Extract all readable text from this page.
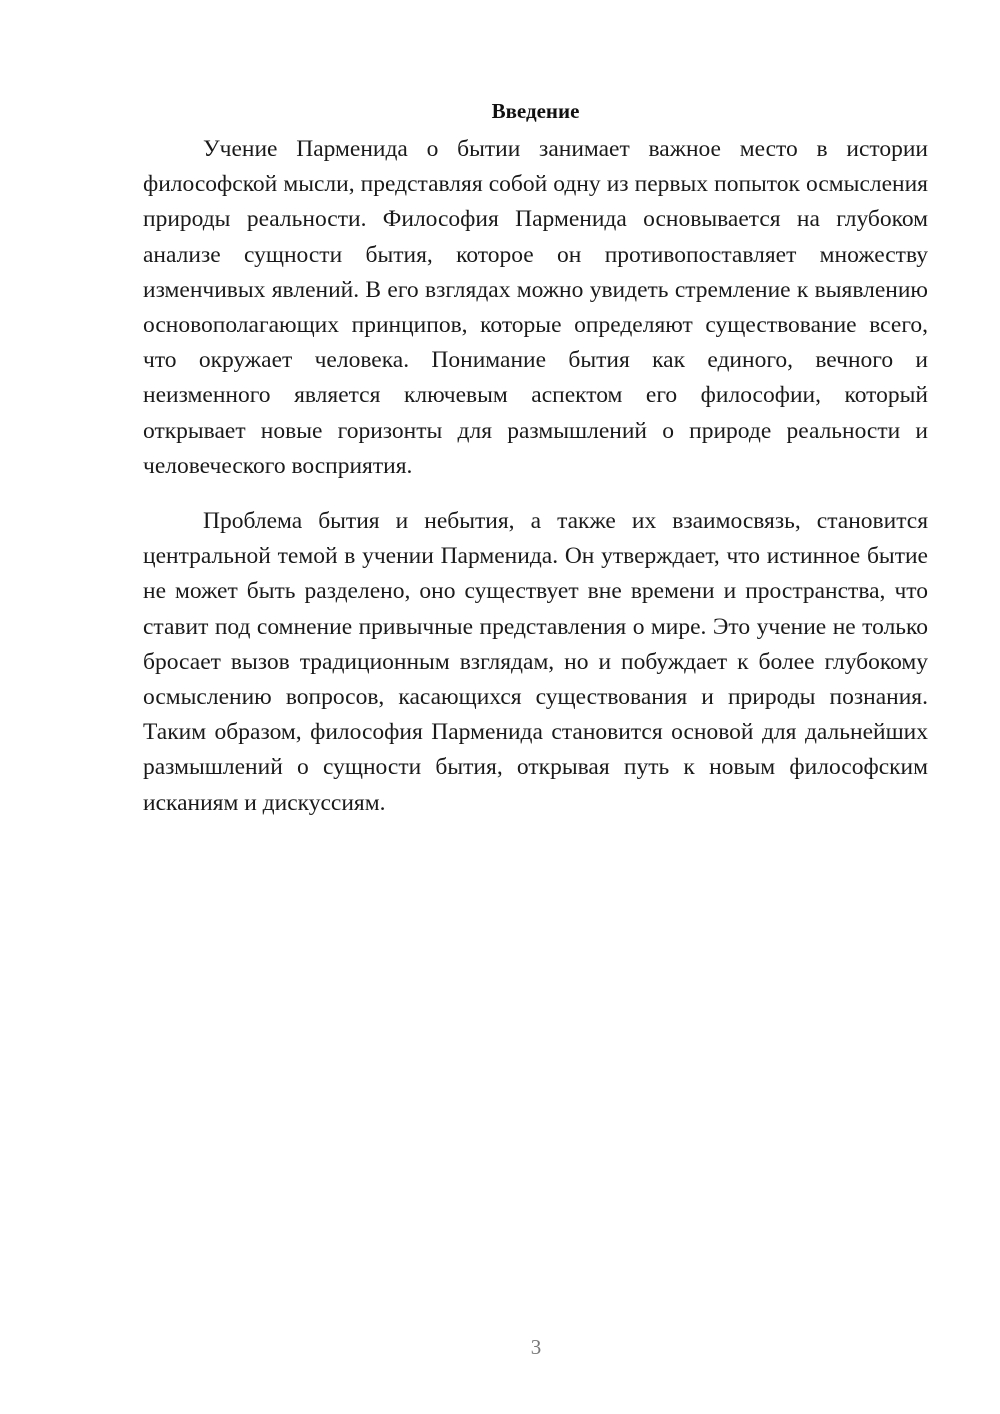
Введение

Учение Парменида о бытии занимает важное место в истории философской мысли, представляя собой одну из первых попыток осмысления природы реальности. Философия Парменида основывается на глубоком анализе сущности бытия, которое он противопоставляет множеству изменчивых явлений. В его взглядах можно увидеть стремление к выявлению основополагающих принципов, которые определяют существование всего, что окружает человека. Понимание бытия как единого, вечного и неизменного является ключевым аспектом его философии, который открывает новые горизонты для размышлений о природе реальности и человеческого восприятия.

Проблема бытия и небытия, а также их взаимосвязь, становится центральной темой в учении Парменида. Он утверждает, что истинное бытие не может быть разделено, оно существует вне времени и пространства, что ставит под сомнение привычные представления о мире. Это учение не только бросает вызов традиционным взглядам, но и побуждает к более глубокому осмыслению вопросов, касающихся существования и природы познания. Таким образом, философия Парменида становится основой для дальнейших размышлений о сущности бытия, открывая путь к новым философским исканиям и дискуссиям.

3
